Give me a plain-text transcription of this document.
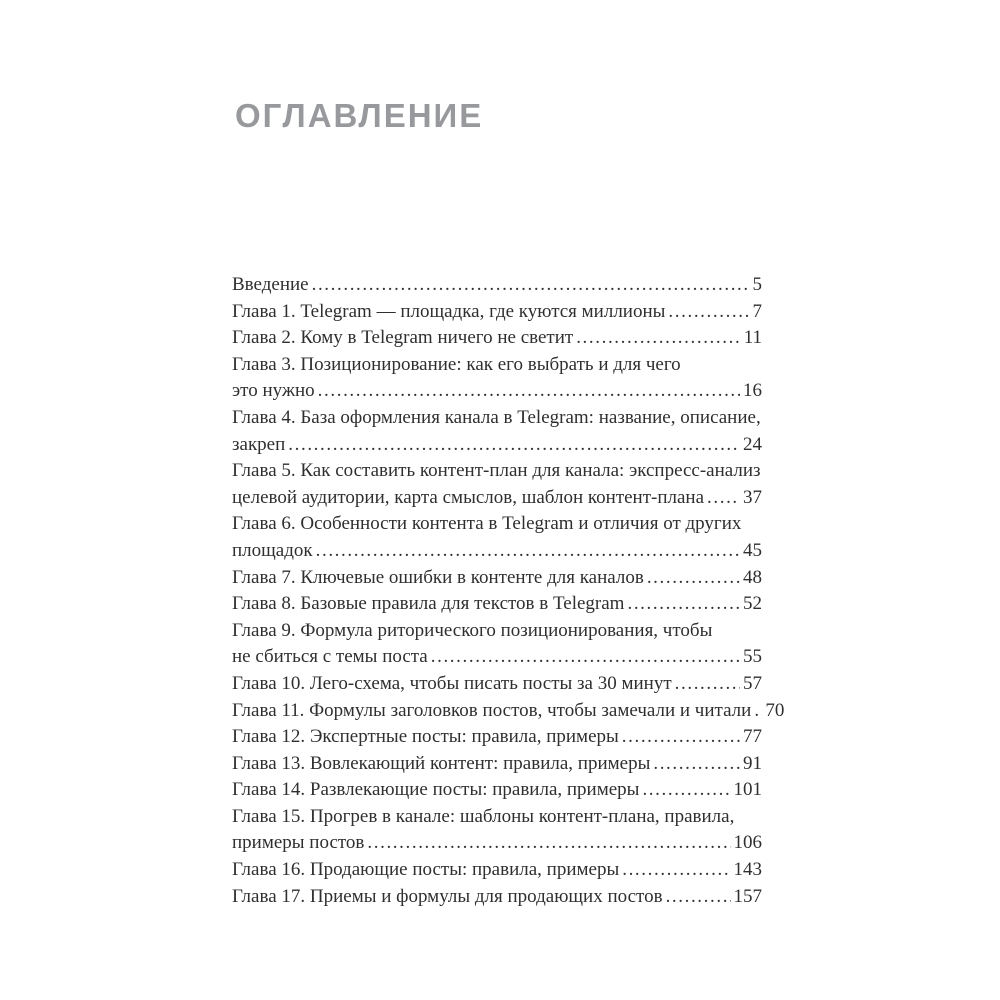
ОГЛАВЛЕНИЕ
Введение .....	5
Глава 1. Telegram — площадка, где куются миллионы .....	7
Глава 2. Кому в Telegram ничего не светит .....	11
Глава 3. Позиционирование: как его выбрать и для чего
это нужно .....	16
Глава 4. База оформления канала в Telegram: название, описание,
закреп .....	24
Глава 5. Как составить контент-план для канала: экспресс-анализ
целевой аудитории, карта смыслов, шаблон контент-плана ..... 37
Глава 6. Особенности контента в Telegram и отличия от других
площадок .....	45
Глава 7. Ключевые ошибки в контенте для каналов .....	48
Глава 8. Базовые правила для текстов в Telegram .....	52
Глава 9. Формула риторического позиционирования, чтобы
не сбиться с темы поста .....	55
Глава 10. Лего-схема, чтобы писать посты за 30 минут .....	57
Глава 11. Формулы заголовков постов, чтобы замечали и читали ..... 70
Глава 12. Экспертные посты: правила, примеры .....	77
Глава 13. Вовлекающий контент: правила, примеры .....	91
Глава 14. Развлекающие посты: правила, примеры .....	101
Глава 15. Прогрев в канале: шаблоны контент-плана, правила,
примеры постов .....	106
Глава 16. Продающие посты: правила, примеры .....	143
Глава 17. Приемы и формулы для продающих постов .....	157
